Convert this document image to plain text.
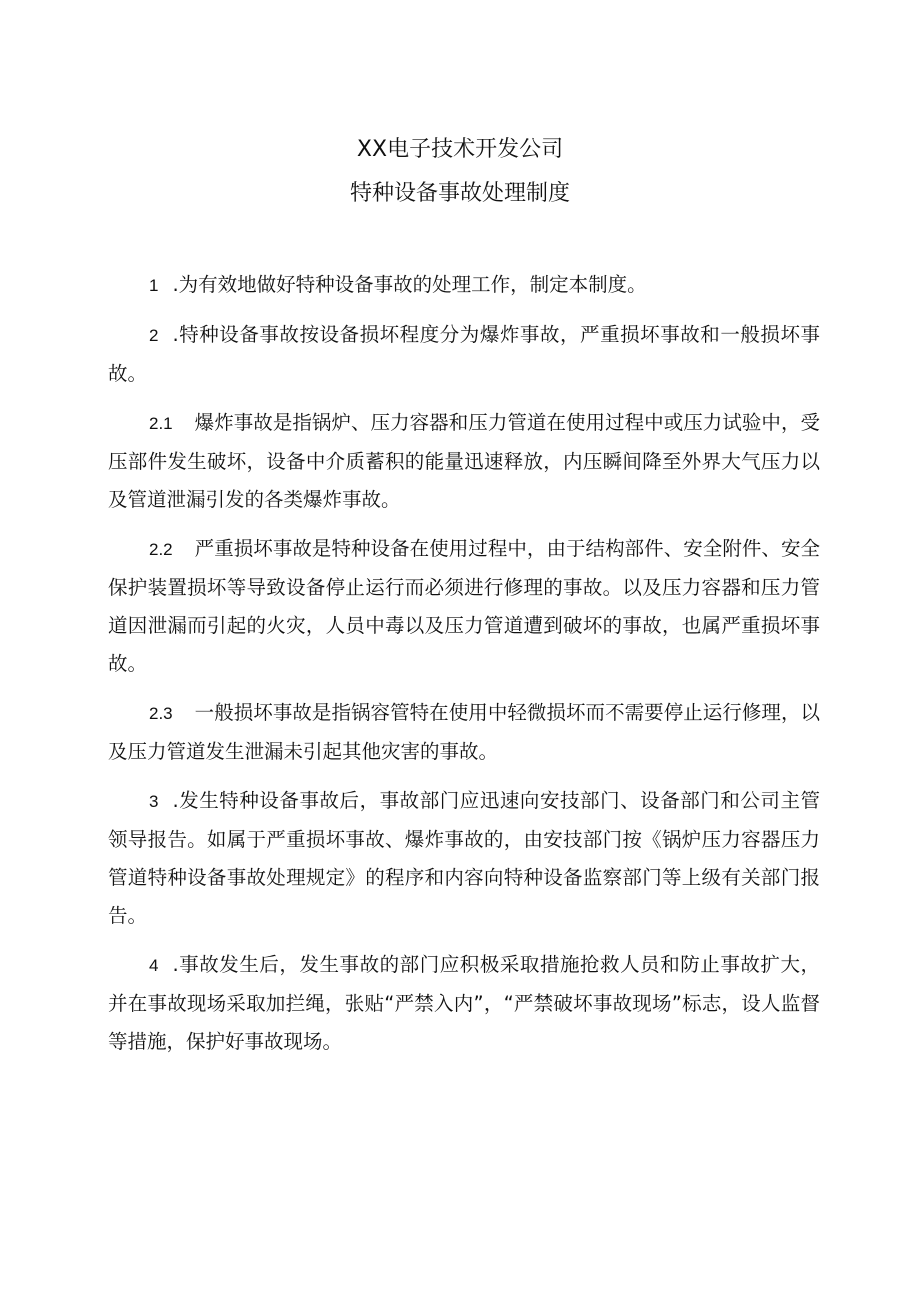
XX电子技术开发公司
特种设备事故处理制度

1 .为有效地做好特种设备事故的处理工作，制定本制度。

2 .特种设备事故按设备损坏程度分为爆炸事故，严重损坏事故和一般损坏事故。

2.1 爆炸事故是指锅炉、压力容器和压力管道在使用过程中或压力试验中，受压部件发生破坏，设备中介质蓄积的能量迅速释放，内压瞬间降至外界大气压力以及管道泄漏引发的各类爆炸事故。

2.2 严重损坏事故是特种设备在使用过程中，由于结构部件、安全附件、安全保护装置损坏等导致设备停止运行而必须进行修理的事故。以及压力容器和压力管道因泄漏而引起的火灾，人员中毒以及压力管道遭到破坏的事故，也属严重损坏事故。

2.3 一般损坏事故是指锅容管特在使用中轻微损坏而不需要停止运行修理，以及压力管道发生泄漏未引起其他灾害的事故。

3 .发生特种设备事故后，事故部门应迅速向安技部门、设备部门和公司主管领导报告。如属于严重损坏事故、爆炸事故的，由安技部门按《锅炉压力容器压力管道特种设备事故处理规定》的程序和内容向特种设备监察部门等上级有关部门报告。

4 .事故发生后，发生事故的部门应积极采取措施抢救人员和防止事故扩大，并在事故现场采取加拦绳，张贴“严禁入内”，“严禁破坏事故现场”标志，设人监督等措施，保护好事故现场。
